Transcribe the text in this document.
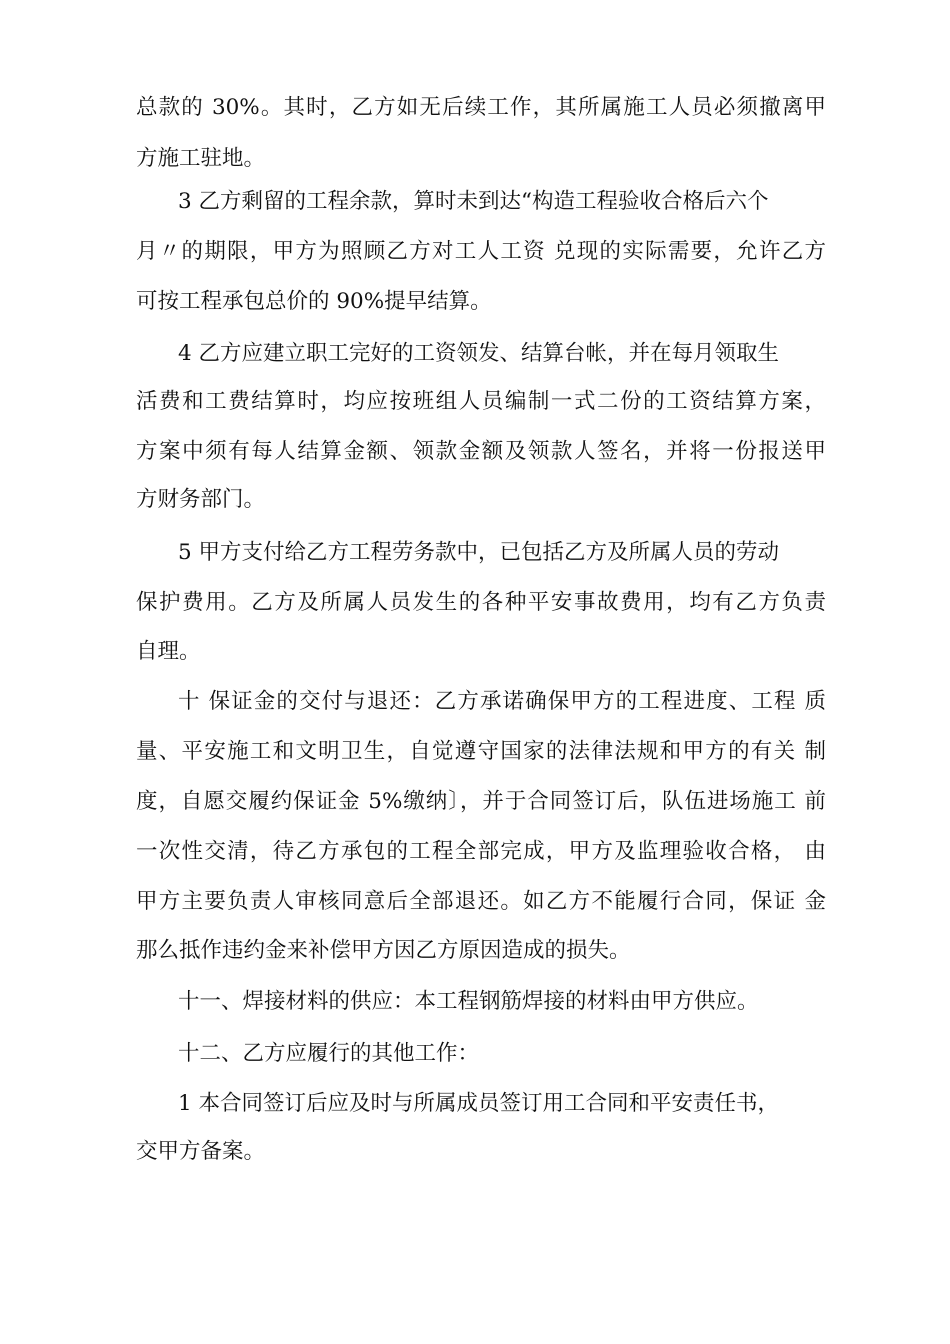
总款的 30%。其时，乙方如无后续工作，其所属施工人员必须撤离甲

方施工驻地。

3 乙方剩留的工程余款，算时未到达“构造工程验收合格后六个

月〃的期限，甲方为照顾乙方对工人工资 兑现的实际需要，允许乙方

可按工程承包总价的 90%提早结算。

4 乙方应建立职工完好的工资领发、结算台帐，并在每月领取生

活费和工费结算时，均应按班组人员编制一式二份的工资结算方案，

方案中须有每人结算金额、领款金额及领款人签名，并将一份报送甲

方财务部门。

5 甲方支付给乙方工程劳务款中，已包括乙方及所属人员的劳动

保护费用。乙方及所属人员发生的各种平安事故费用，均有乙方负责

自理。

十 保证金的交付与退还：乙方承诺确保甲方的工程进度、工程 质

量、平安施工和文明卫生，自觉遵守国家的法律法规和甲方的有关 制

度，自愿交履约保证金 5%缴纳〕，并于合同签订后，队伍进场施工 前

一次性交清，待乙方承包的工程全部完成，甲方及监理验收合格， 由

甲方主要负责人审核同意后全部退还。如乙方不能履行合同，保证 金

那么抵作违约金来补偿甲方因乙方原因造成的损失。

十一、焊接材料的供应：本工程钢筋焊接的材料由甲方供应。

十二、乙方应履行的其他工作：

1 本合同签订后应及时与所属成员签订用工合同和平安责任书，

交甲方备案。
